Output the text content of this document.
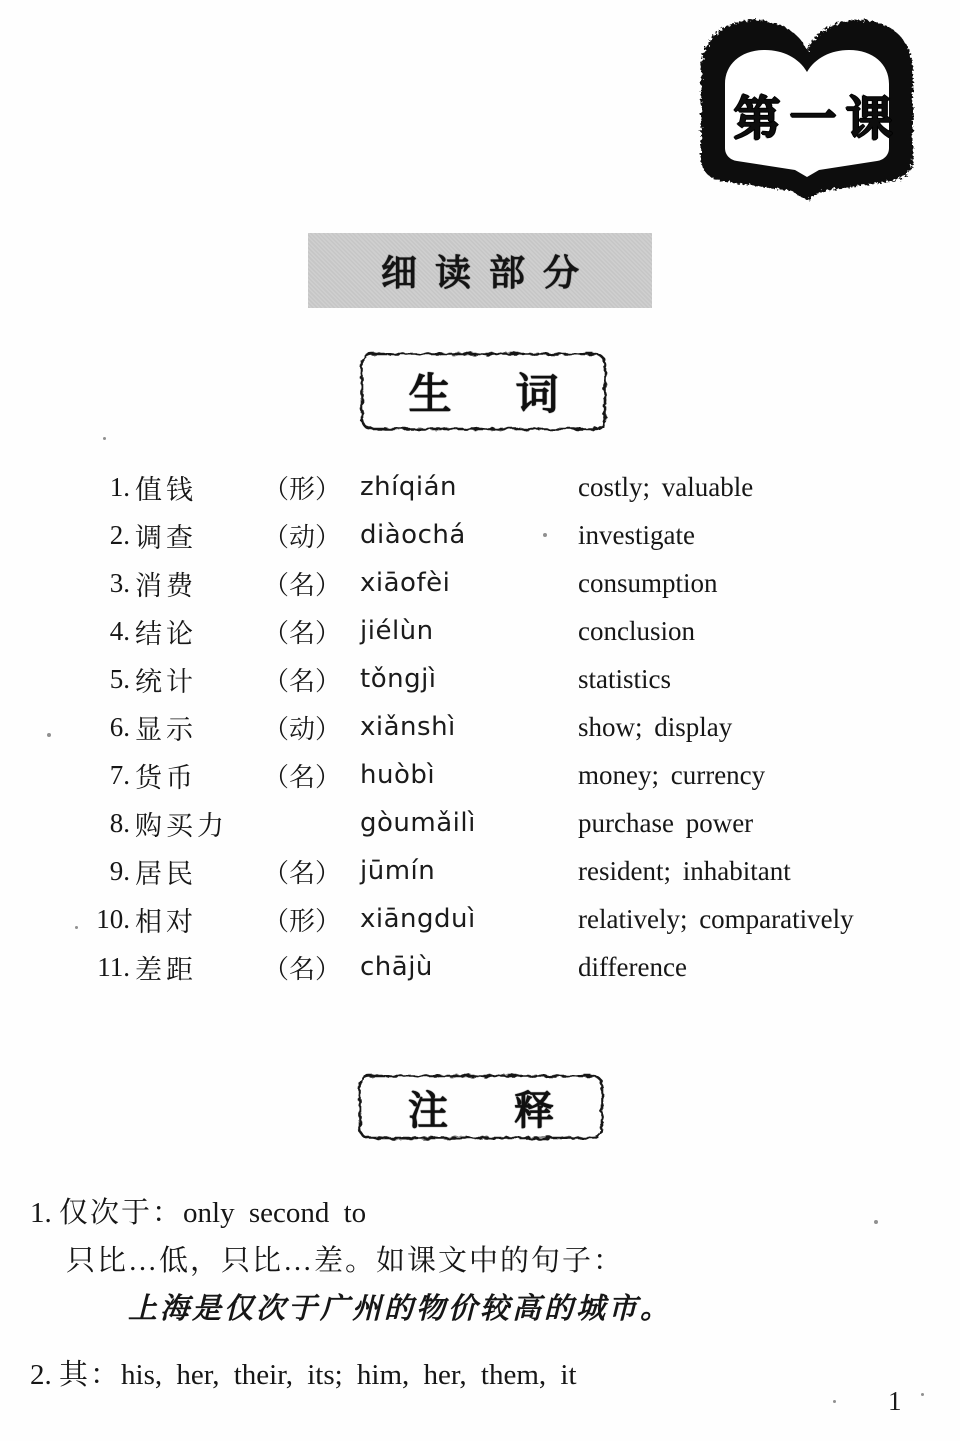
第一课
细读部分
生词
1. 值钱	（形） zhíqián	costly; valuable
2. 调查	（动） diàochá	investigate
3. 消费	（名） xiāofèi	consumption
4. 结论	（名） jiélùn	conclusion
5. 统计	（名） tǒngjì	statistics
6. 显示	（动） xiǎnshì	show; display
7. 货币	（名） huòbì	money; currency
8. 购买力	gòumǎilì	purchase power
9. 居民	（名） jūmín	resident; inhabitant
10. 相对	（形） xiāngduì	relatively; comparatively
11. 差距	（名） chājù	difference
注释
1. 仅次于：only second to
只比…低，只比…差。如课文中的句子：
上海是仅次于广州的物价较高的城市。
2. 其：his, her, their, its; him, her, them, it
1
